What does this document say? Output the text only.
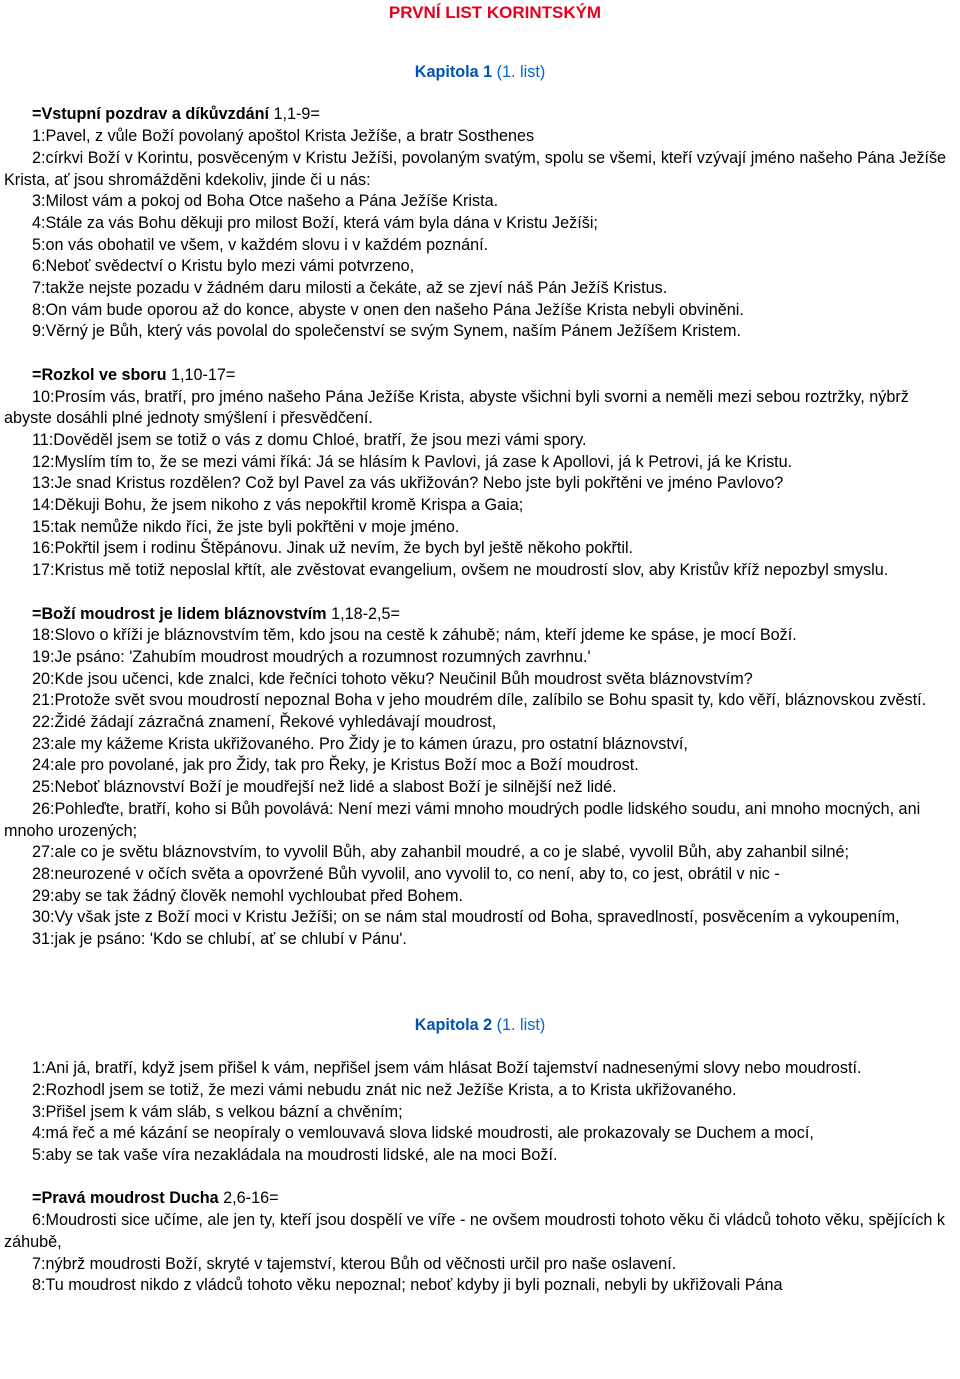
PRVNÍ LIST KORINTSKÝM
Kapitola 1 (1. list)
=Vstupní pozdrav a díkůvzdání 1,1-9=
1:Pavel, z vůle Boží povolaný apoštol Krista Ježíše, a bratr Sosthenes
2:církvi Boží v Korintu, posvěceným v Kristu Ježíši, povolaným svatým, spolu se všemi, kteří vzývají jméno našeho Pána Ježíše Krista, ať jsou shromážděni kdekoliv, jinde či u nás:
3:Milost vám a pokoj od Boha Otce našeho a Pána Ježíše Krista.
4:Stále za vás Bohu děkuji pro milost Boží, která vám byla dána v Kristu Ježíši;
5:on vás obohatil ve všem, v každém slovu i v každém poznání.
6:Neboť svědectví o Kristu bylo mezi vámi potvrzeno,
7:takže nejste pozadu v žádném daru milosti a čekáte, až se zjeví náš Pán Ježíš Kristus.
8:On vám bude oporou až do konce, abyste v onen den našeho Pána Ježíše Krista nebyli obviněni.
9:Věrný je Bůh, který vás povolal do společenství se svým Synem, naším Pánem Ježíšem Kristem.
=Rozkol ve sboru 1,10-17=
10:Prosím vás, bratří, pro jméno našeho Pána Ježíše Krista, abyste všichni byli svorni a neměli mezi sebou roztržky, nýbrž abyste dosáhli plné jednoty smýšlení i přesvědčení.
11:Dověděl jsem se totiž o vás z domu Chloé, bratří, že jsou mezi vámi spory.
12:Myslím tím to, že se mezi vámi říká: Já se hlásím k Pavlovi, já zase k Apollovi, já k Petrovi, já ke Kristu.
13:Je snad Kristus rozdělen? Což byl Pavel za vás ukřižován? Nebo jste byli pokřtěni ve jméno Pavlovo?
14:Děkuji Bohu, že jsem nikoho z vás nepokřtil kromě Krispa a Gaia;
15:tak nemůže nikdo říci, že jste byli pokřtěni v moje jméno.
16:Pokřtil jsem i rodinu Štěpánovu. Jinak už nevím, že bych byl ještě někoho pokřtil.
17:Kristus mě totiž neposlal křtít, ale zvěstovat evangelium, ovšem ne moudrostí slov, aby Kristův kříž nepozbyl smyslu.
=Boží moudrost je lidem bláznovstvím 1,18-2,5=
18:Slovo o kříži je bláznovstvím těm, kdo jsou na cestě k záhubě; nám, kteří jdeme ke spáse, je mocí Boží.
19:Je psáno: 'Zahubím moudrost moudrých a rozumnost rozumných zavrhnu.'
20:Kde jsou učenci, kde znalci, kde řečníci tohoto věku? Neučinil Bůh moudrost světa bláznovstvím?
21:Protože svět svou moudrostí nepoznal Boha v jeho moudrém díle, zalíbilo se Bohu spasit ty, kdo věří, bláznovskou zvěstí.
22:Židé žádají zázračná znamení, Řekové vyhledávají moudrost,
23:ale my kážeme Krista ukřižovaného. Pro Židy je to kámen úrazu, pro ostatní bláznovství,
24:ale pro povolané, jak pro Židy, tak pro Řeky, je Kristus Boží moc a Boží moudrost.
25:Neboť bláznovství Boží je moudřejší než lidé a slabost Boží je silnější než lidé.
26:Pohleďte, bratří, koho si Bůh povolává: Není mezi vámi mnoho moudrých podle lidského soudu, ani mnoho mocných, ani mnoho urozených;
27:ale co je světu bláznovstvím, to vyvolil Bůh, aby zahanbil moudré, a co je slabé, vyvolil Bůh, aby zahanbil silné;
28:neurozené v očích světa a opovržené Bůh vyvolil, ano vyvolil to, co není, aby to, co jest, obrátil v nic -
29:aby se tak žádný člověk nemohl vychloubat před Bohem.
30:Vy však jste z Boží moci v Kristu Ježíši; on se nám stal moudrostí od Boha, spravedlností, posvěcením a vykoupením,
31:jak je psáno: 'Kdo se chlubí, ať se chlubí v Pánu'.
Kapitola 2 (1. list)
1:Ani já, bratří, když jsem přišel k vám, nepřišel jsem vám hlásat Boží tajemství nadnesenými slovy nebo moudrostí.
2:Rozhodl jsem se totiž, že mezi vámi nebudu znát nic než Ježíše Krista, a to Krista ukřižovaného.
3:Přišel jsem k vám sláb, s velkou bázní a chvěním;
4:má řeč a mé kázání se neopíraly o vemlouvavá slova lidské moudrosti, ale prokazovaly se Duchem a mocí,
5:aby se tak vaše víra nezakládala na moudrosti lidské, ale na moci Boží.
=Pravá moudrost Ducha 2,6-16=
6:Moudrosti sice učíme, ale jen ty, kteří jsou dospělí ve víře - ne ovšem moudrosti tohoto věku či vládců tohoto věku, spějících k záhubě,
7:nýbrž moudrosti Boží, skryté v tajemství, kterou Bůh od věčnosti určil pro naše oslavení.
8:Tu moudrost nikdo z vládců tohoto věku nepoznal; neboť kdyby ji byli poznali, nebyli by ukřižovali Pána
